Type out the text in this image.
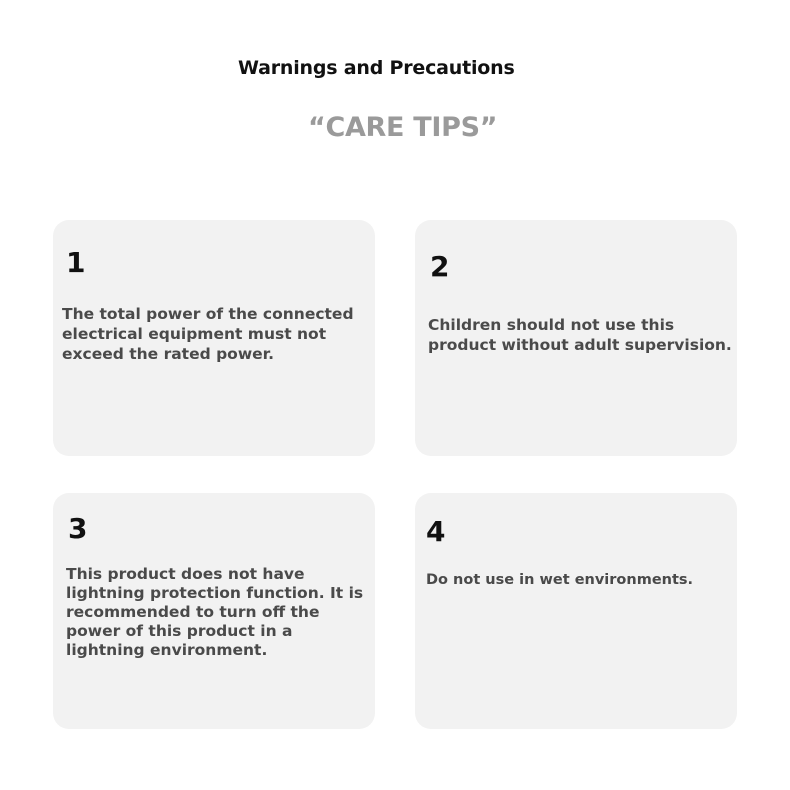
Warnings and Precautions
“CARE TIPS”
1

The total power of the connected electrical equipment must not exceed the rated power.

2

Children should not use this product without adult supervision.

3

This product does not have lightning protection function. It is recommended to turn off the power of this product in a lightning environment.

4

Do not use in wet environments.
